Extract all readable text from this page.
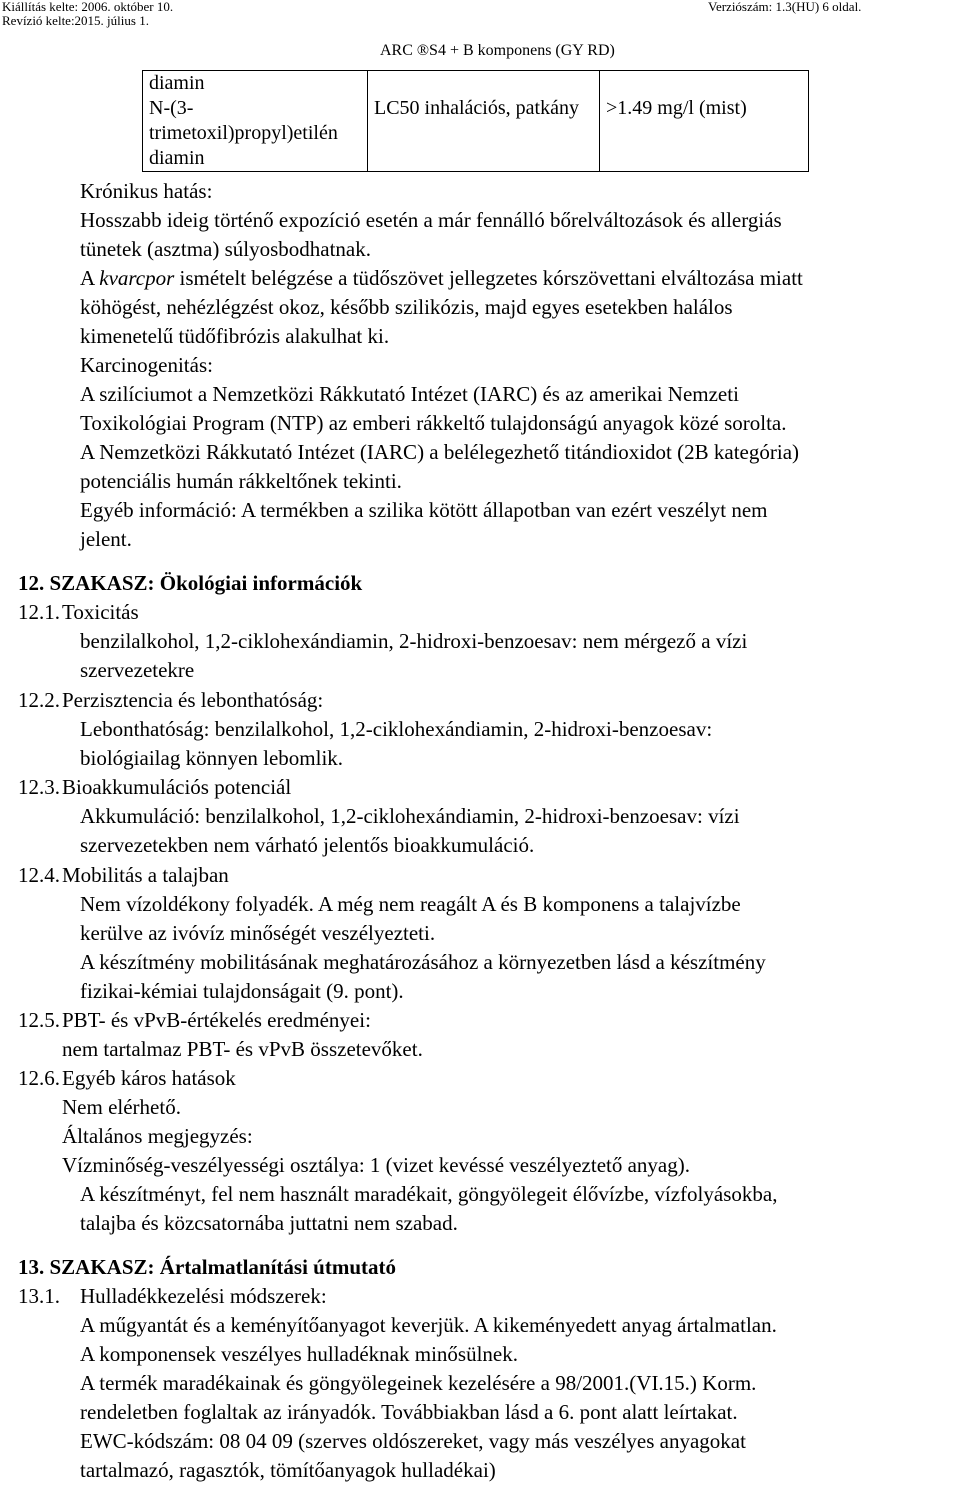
Kiállítás kelte: 2006. október 10.
Revízió kelte:2015. július 1.
Verziószám: 1.3(HU) 6 oldal.
ARC ®S4 + B komponens (GY RD)
diamin
N-(3-
trimetoxil)propyl)etilén
diamin

LC50 inhalációs, patkány	>1.49 mg/l (mist)
Krónikus hatás:
Hosszabb ideig történő expozíció esetén a már fennálló bőrelváltozások és allergiás
tünetek (asztma) súlyosbodhatnak.
A kvarcpor ismételt belégzése a tüdőszövet jellegzetes kórszövettani elváltozása miatt
köhögést, nehézlégzést okoz, később szilikózis, majd egyes esetekben halálos
kimenetelű tüdőfibrózis alakulhat ki.
Karcinogenitás:
A szilíciumot a Nemzetközi Rákkutató Intézet (IARC) és az amerikai Nemzeti
Toxikológiai Program (NTP) az emberi rákkeltő tulajdonságú anyagok közé sorolta.
A Nemzetközi Rákkutató Intézet (IARC) a belélegezhető titándioxidot (2B kategória)
potenciális humán rákkeltőnek tekinti.
Egyéb információ: A termékben a szilika kötött állapotban van ezért veszélyt nem
jelent.
12. SZAKASZ: Ökológiai információk
12.1. Toxicitás
benzilalkohol, 1,2-ciklohexándiamin, 2-hidroxi-benzoesav: nem mérgező a vízi
szervezetekre
12.2. Perzisztencia és lebonthatóság:
Lebonthatóság: benzilalkohol, 1,2-ciklohexándiamin, 2-hidroxi-benzoesav:
biológiailag könnyen lebomlik.
12.3. Bioakkumulációs potenciál
Akkumuláció: benzilalkohol, 1,2-ciklohexándiamin, 2-hidroxi-benzoesav: vízi
szervezetekben nem várható jelentős bioakkumuláció.
12.4. Mobilitás a talajban
Nem vízoldékony folyadék. A még nem reagált A és B komponens a talajvízbe
kerülve az ivóvíz minőségét veszélyezteti.
A készítmény mobilitásának meghatározásához a környezetben lásd a készítmény
fizikai-kémiai tulajdonságait (9. pont).
12.5. PBT- és vPvB-értékelés eredményei:
nem tartalmaz PBT- és vPvB összetevőket.
12.6. Egyéb káros hatások
Nem elérhető.
Általános megjegyzés:
Vízminőség-veszélyességi osztálya: 1 (vizet kevéssé veszélyeztető anyag).
A készítményt, fel nem használt maradékait, göngyölegeit élővízbe, vízfolyásokba,
talajba és közcsatornába juttatni nem szabad.
13. SZAKASZ: Ártalmatlanítási útmutató
13.1. Hulladékkezelési módszerek:
A műgyantát és a keményítőanyagot keverjük. A kikeményedett anyag ártalmatlan.
A komponensek veszélyes hulladéknak minősülnek.
A termék maradékainak és göngyölegeinek kezelésére a 98/2001.(VI.15.) Korm.
rendeletben foglaltak az irányadók. Továbbiakban lásd a 6. pont alatt leírtakat.
EWC-kódszám: 08 04 09 (szerves oldószereket, vagy más veszélyes anyagokat
tartalmazó, ragasztók, tömítőanyagok hulladékai)
